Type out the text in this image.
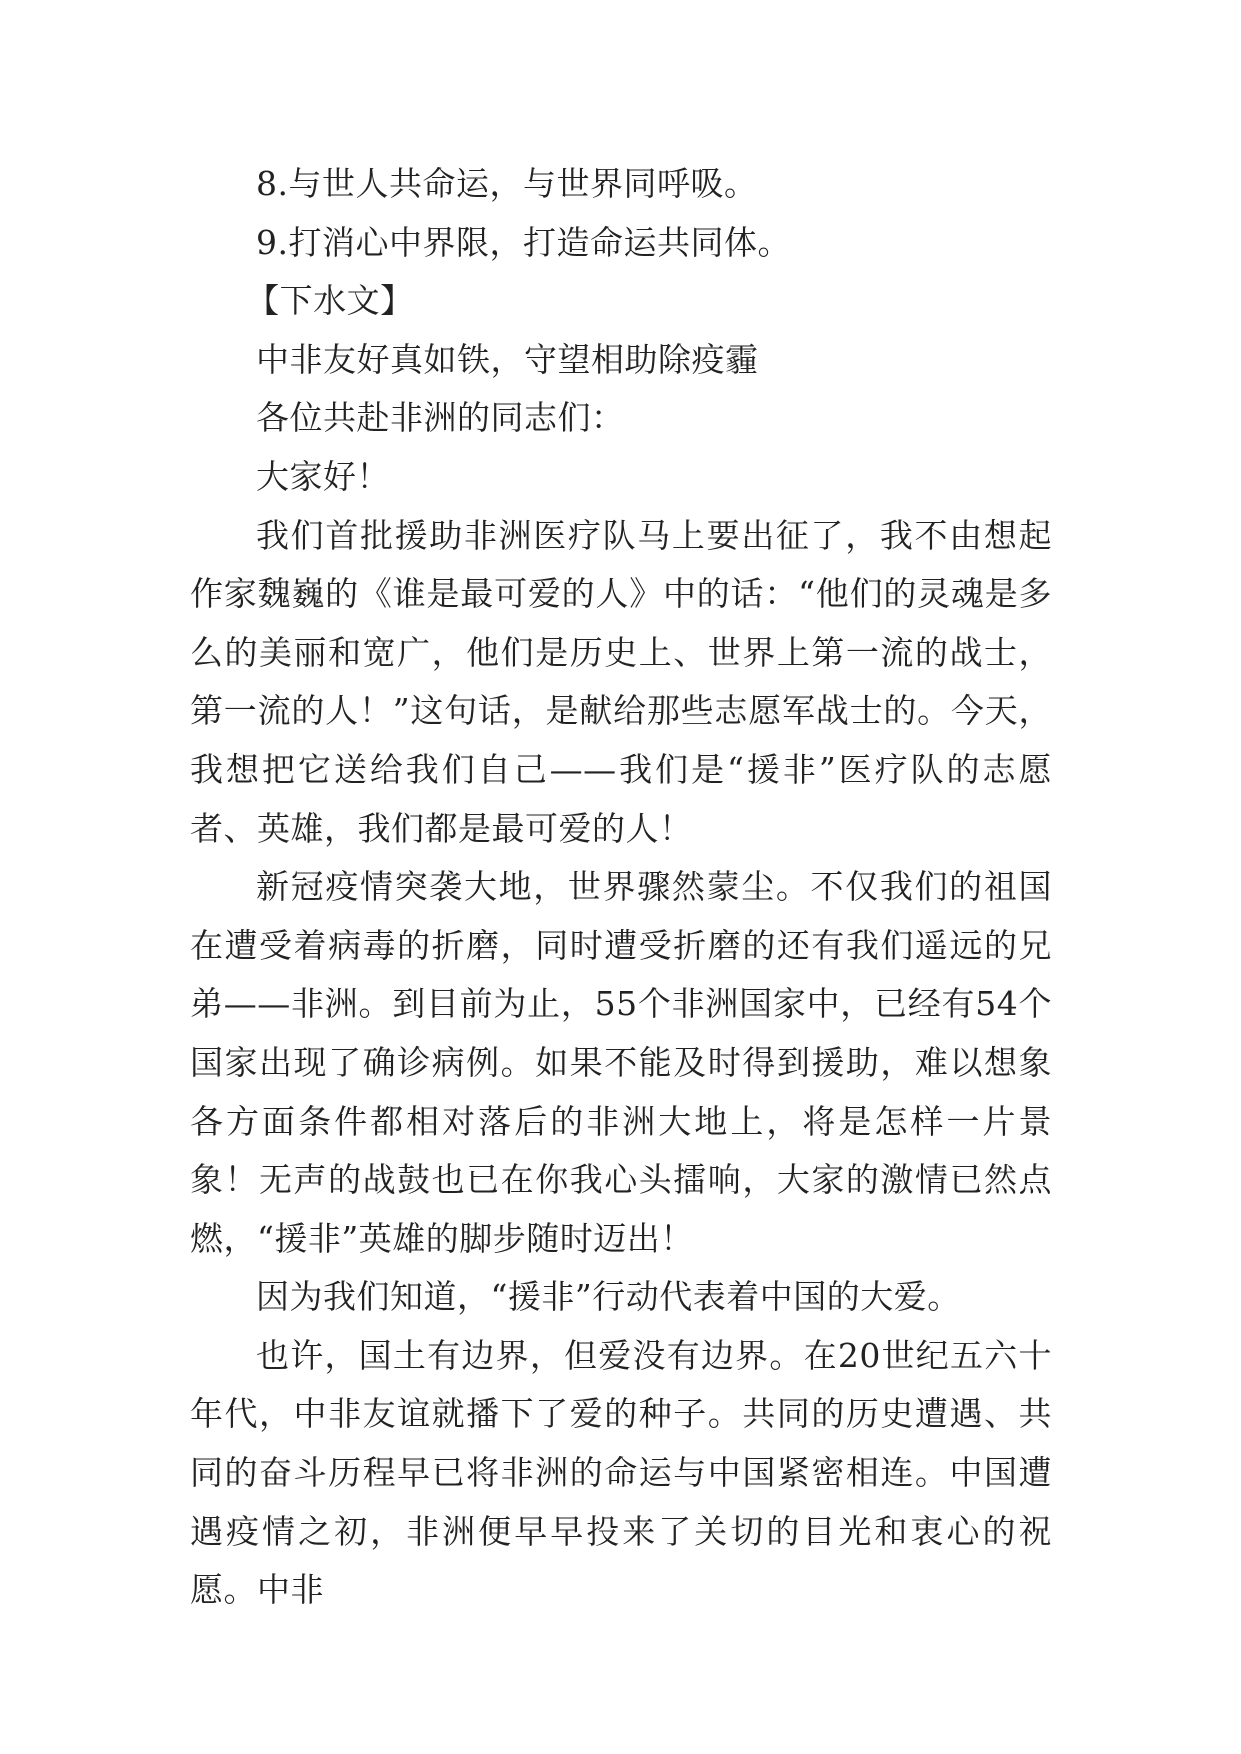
8.与世人共命运，与世界同呼吸。

9.打消心中界限，打造命运共同体。

【下水文】

中非友好真如铁，守望相助除疫霾

各位共赴非洲的同志们：

大家好！

我们首批援助非洲医疗队马上要出征了，我不由想起作家魏巍的《谁是最可爱的人》中的话：“他们的灵魂是多么的美丽和宽广，他们是历史上、世界上第一流的战士，第一流的人！”这句话，是献给那些志愿军战士的。今天，我想把它送给我们自己——我们是“援非”医疗队的志愿者、英雄，我们都是最可爱的人！

新冠疫情突袭大地，世界骤然蒙尘。不仅我们的祖国在遭受着病毒的折磨，同时遭受折磨的还有我们遥远的兄弟——非洲。到目前为止，55个非洲国家中，已经有54个国家出现了确诊病例。如果不能及时得到援助，难以想象各方面条件都相对落后的非洲大地上，将是怎样一片景象！无声的战鼓也已在你我心头擂响，大家的激情已然点燃，“援非”英雄的脚步随时迈出！

因为我们知道，“援非”行动代表着中国的大爱。

也许，国土有边界，但爱没有边界。在20世纪五六十年代，中非友谊就播下了爱的种子。共同的历史遭遇、共同的奋斗历程早已将非洲的命运与中国紧密相连。中国遭遇疫情之初，非洲便早早投来了关切的目光和衷心的祝愿。中非
